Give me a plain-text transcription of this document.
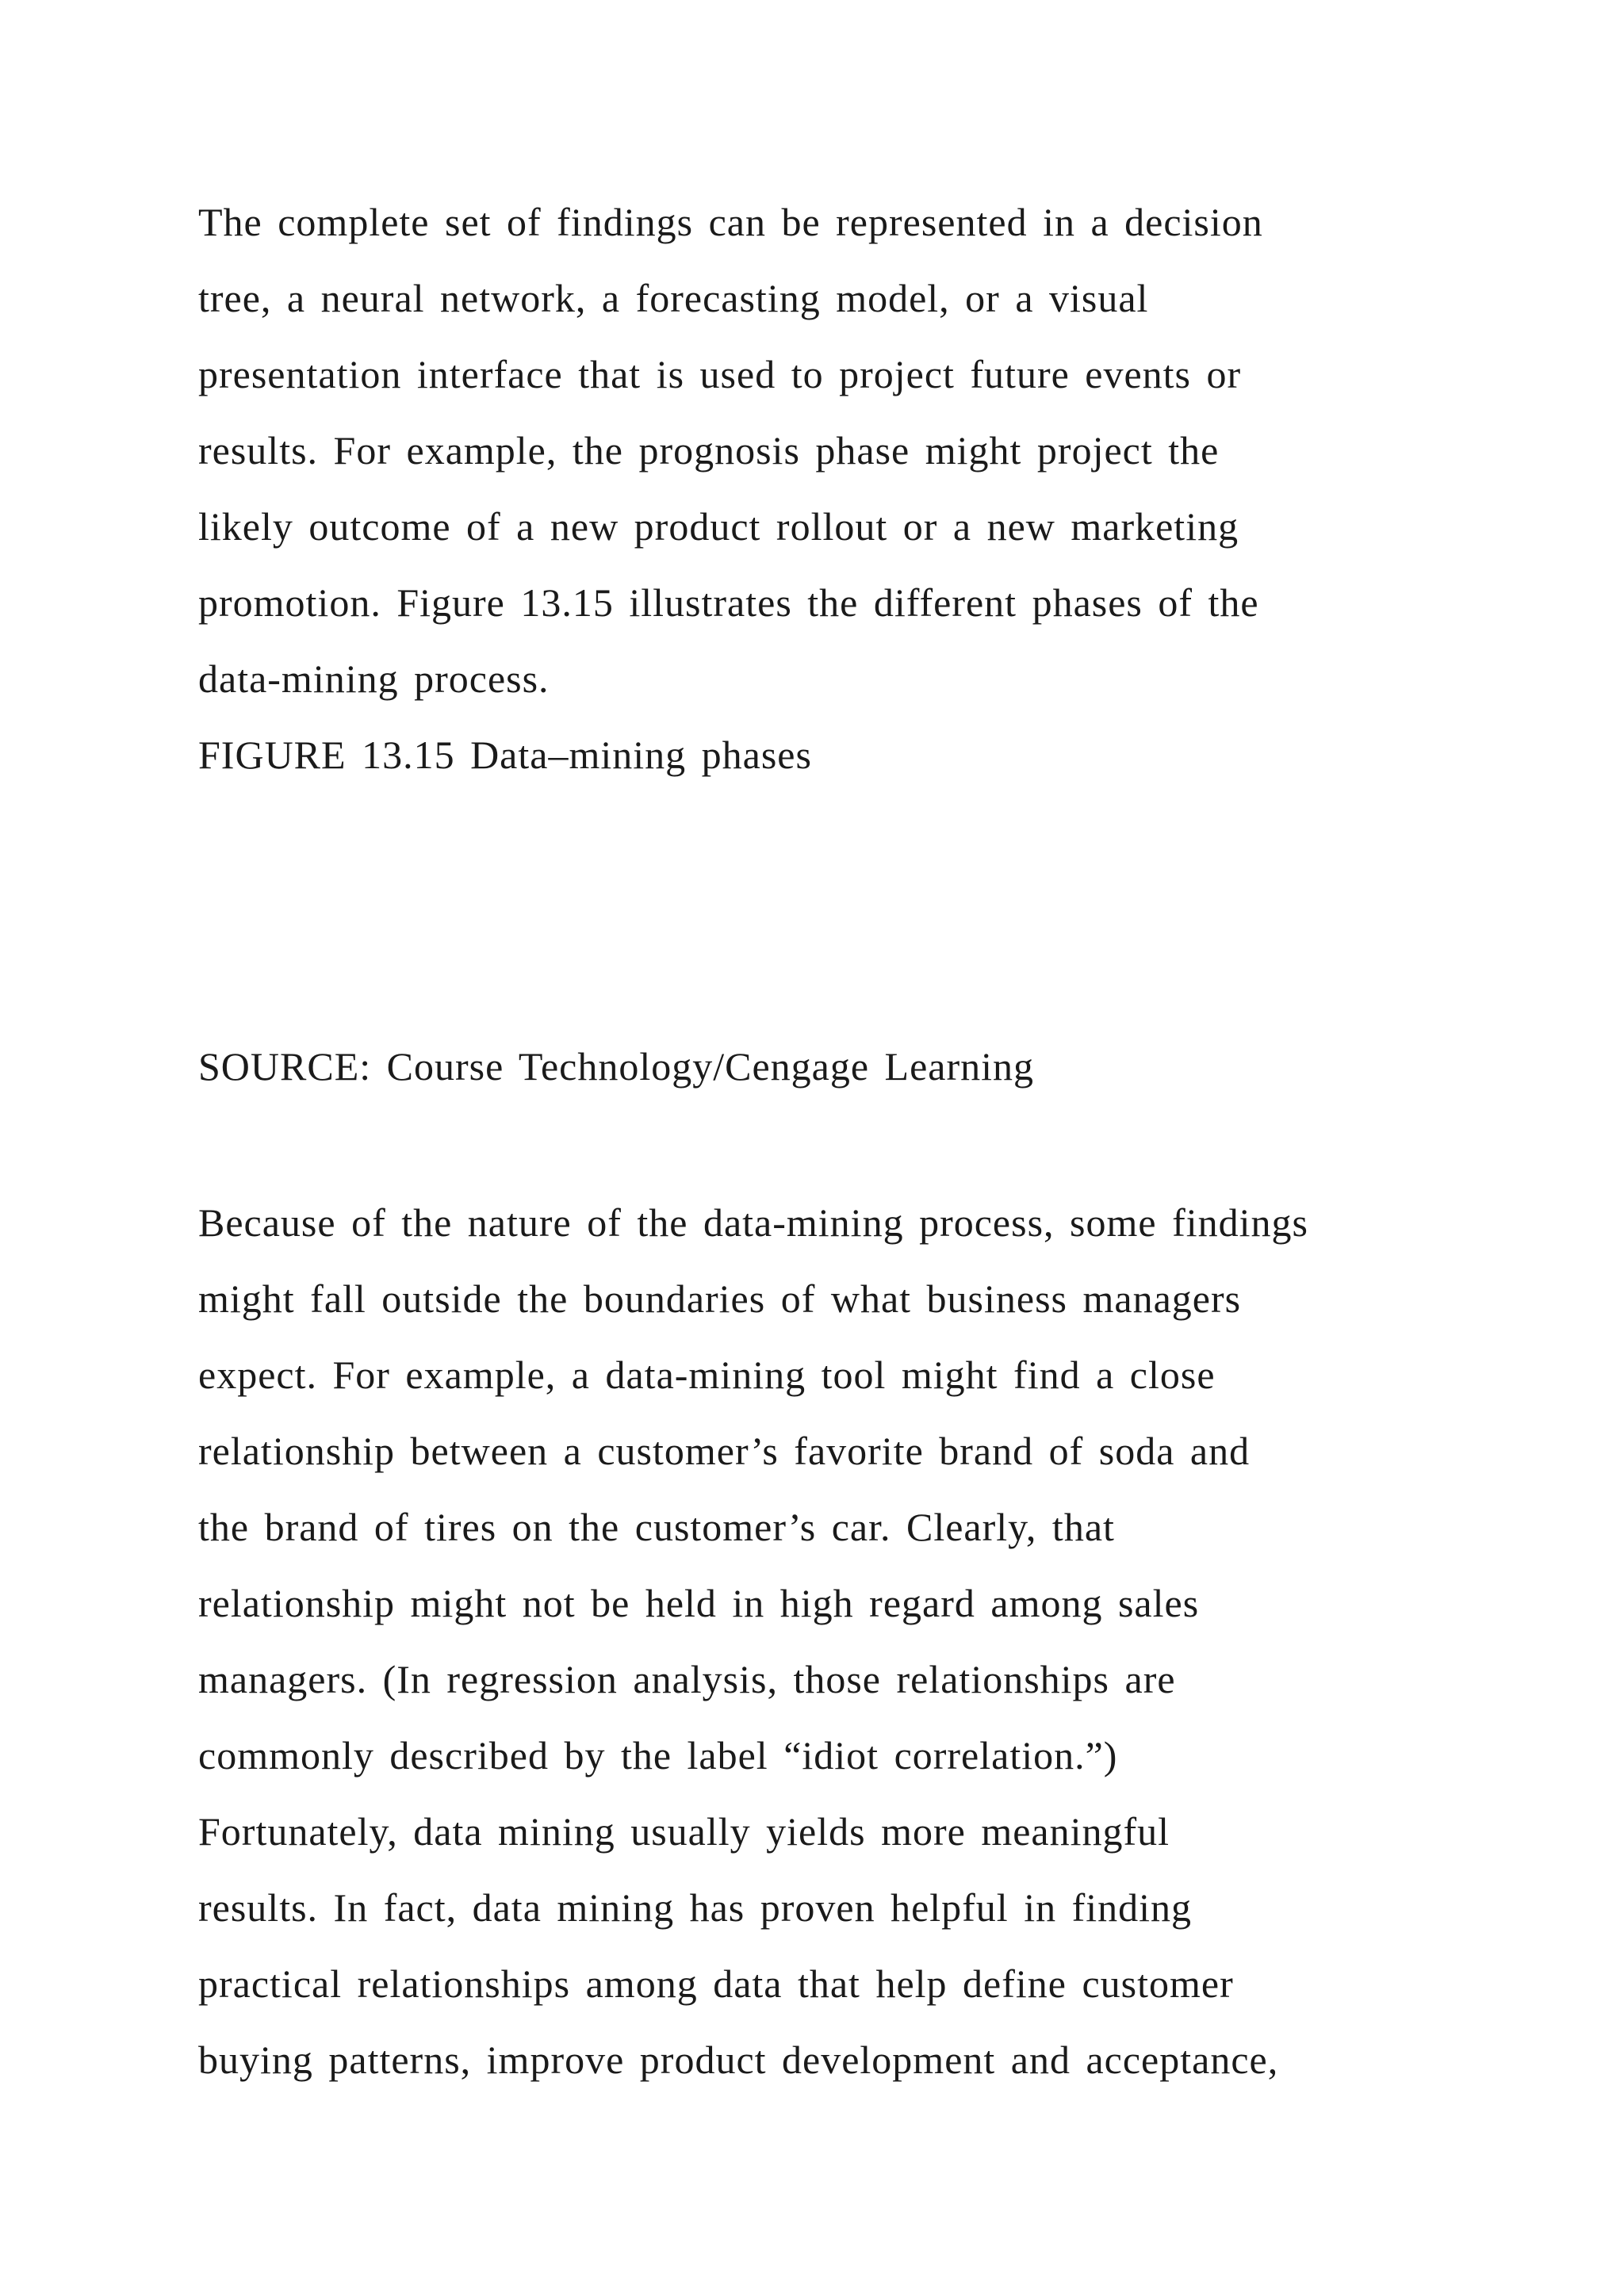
The complete set of findings can be represented in a decision
tree, a neural network, a forecasting model, or a visual
presentation interface that is used to project future events or
results. For example, the prognosis phase might project the
likely outcome of a new product rollout or a new marketing
promotion. Figure 13.15 illustrates the different phases of the
data-mining process.
FIGURE 13.15 Data–mining phases
SOURCE: Course Technology/Cengage Learning
Because of the nature of the data-mining process, some findings
might fall outside the boundaries of what business managers
expect. For example, a data-mining tool might find a close
relationship between a customer’s favorite brand of soda and
the brand of tires on the customer’s car. Clearly, that
relationship might not be held in high regard among sales
managers. (In regression analysis, those relationships are
commonly described by the label “idiot correlation.”)
Fortunately, data mining usually yields more meaningful
results. In fact, data mining has proven helpful in finding
practical relationships among data that help define customer
buying patterns, improve product development and acceptance,
